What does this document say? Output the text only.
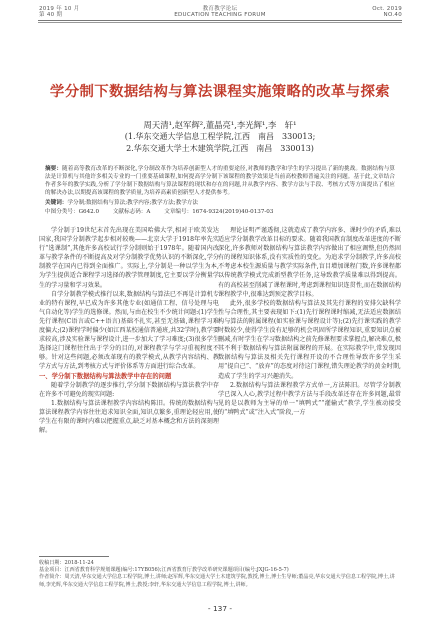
2019 年 10 月
第 40 期
教育教学论坛
EDUCATION TEACHING FORUM
Oct. 2019
NO.40
学分制下数据结构与算法课程实施策略的改革与探索
周天清¹,赵军辉²,董晶亮¹,李光辉¹,李　轩¹
(1.华东交通大学信息工程学院,江西　南昌　330013;
2.华东交通大学土木建筑学院,江西　南昌　330013)
摘要：随着高等教育改革的不断深化,学分制改革作为培养创新型人才的重要途径,对教师的教学和学生的学习提出了新的挑战。数据结构与算法是计算机与其他许多相关专业的一门重要基础课程,如何提高学分制下该课程的教学效果是当前高校教师普遍关注的问题。基于此,文章结合作者多年的教学实践,分析了学分制下数据结构与算法课程的现状和存在的问题,并从教学内容、教学方法与手段、考核方式等方面提出了相应的解决办法,以期提高该课程的教学质量,为培养高素质创新型人才提供参考。
关键词：学分制;数据结构与算法;教学内容;教学方法;教学方法
中图分类号：G642.0 文献标志码：A 文章编号：1674-9324(2019)40-0137-03

学分制于19世纪末首先出现在美国哈佛大学,相对于欧美发达国家,我国学分制教学起步相对较晚——北京大学于1918年率先实行“选课制”,其他许多高校试行学分制则始于1978年。随着国内改革与教学条件的不断提高及对学分制教学优势认识的不断深化,学分制教学在国内已得到全面推广。实际上,学分制是一种以学生为本,为学生提供适合课程学习选择的教学管理制度,它主要以学分衡量学生的学习量和学习效果。

自学分制教学模式推行以来,数据结构与算法已不再是计算机专业的特有课程,早已成为许多其他专业(如通信工程、信号处理与电气自动化等)学生的选修课。然而,与由在校生不少统计问题:(1)学生先行课程(C语言或C++语言)基础不扎实,甚至无基础,课程学习难度偏大;(2)课程学时偏少(如江西某校通信普通班,共32学时),教学要求较高,涉及实验课与课程设计,进一步加大了学习难度;(3)很多学生选择这门课程往往出于学分的目的,对课程教学与学习重视程度不够。针对这些问题,必须改革现有的教学模式,从教学内容结构、教学方式与方法,到考核方式与评价体系等方面进行综合改革。

一、学分制下数据结构与算法教学中存在的问题

随着学分制教学的逐步推行,学分制下数据结构与算法教学中存在许多不可避免的现实问题:

1.数据结构与算法课程教学内容结构陈旧。传统的数据结构与算法课程教学内容往往追求知识全面,知识点繁多,重理论轻应用,使学生在有限的课时内难以把握重点,缺乏对基本概念和方法的深刻理解。

理论证明严谨透彻,这就造成了教学内容多、课时少的矛盾,难以适应学分制教学改革目标的要求。随着我国教育制度改革进度的不断深化,许多教师对数据结构与算法教学内容做出了相应调整,但仍然固有的课程知识体系,没有实质性的变化。为追求学分制教学,许多高校不考虑本校生源质量与教学实际条件,盲目增加课程门数,许多课程都以传统教学模式完成新型教学任务,这导致教学质量难以得到提高。有的高校甚至削减了课程课时,考虑到课程知识连贯性,而在数据结构课程教学中,很难达到预定教学目标。

此外,很多学校的数据结构与算法及其先行课程的安排欠缺科学性与合理性,其主要表现如下:(1)先行课程课时缩减,无法适应数据结构与算法的附属课程(如实验课与课程设计等);(2)先行课实践的教学时数较少,使得学生没有足够的机会巩固所学课程知识,重要知识点被删减,有时学生在学习数据结构之前先修课程要求掌握点,解决难点,极其不利于数据结构与算法附属课程的开展。在实际教学中,常发现因数据结构与算法及相关先行课程开设的不合理性导致许多学生采用“提自己”、“放弃”的态度对待这门课程,错失理论教学的黄金时期,造成了学生的学习兴趣消失。

2.数据结构与算法课程教学方式单一,方法陈旧。尽管学分制教学已深入人心,教学过程中教学方法与手段改革还存在许多问题,最常见的是以教师为主导的单一“填鸭式”“灌输式”教学,学生被动接受的“填鸭式”或“注入式”阶段,一方

收稿日期：2018-11-24
基金项目：江西省教育科学规划课题(编号:17YB056);江西省教育厅教学改革研究课题项目(编号:JXJG-16-5-7)
作者简介：周天清,华东交通大学信息工程学院,博士,讲师;赵军辉,华东交通大学土木建筑学院,教授,博士,博士生导师;董晶亮,华东交通大学信息工程学院,博士,讲师,李光辉,华东交通大学信息工程学院,博士,教授;李轩,华东交通大学信息工程学院,博士,讲师。
- 137 -
